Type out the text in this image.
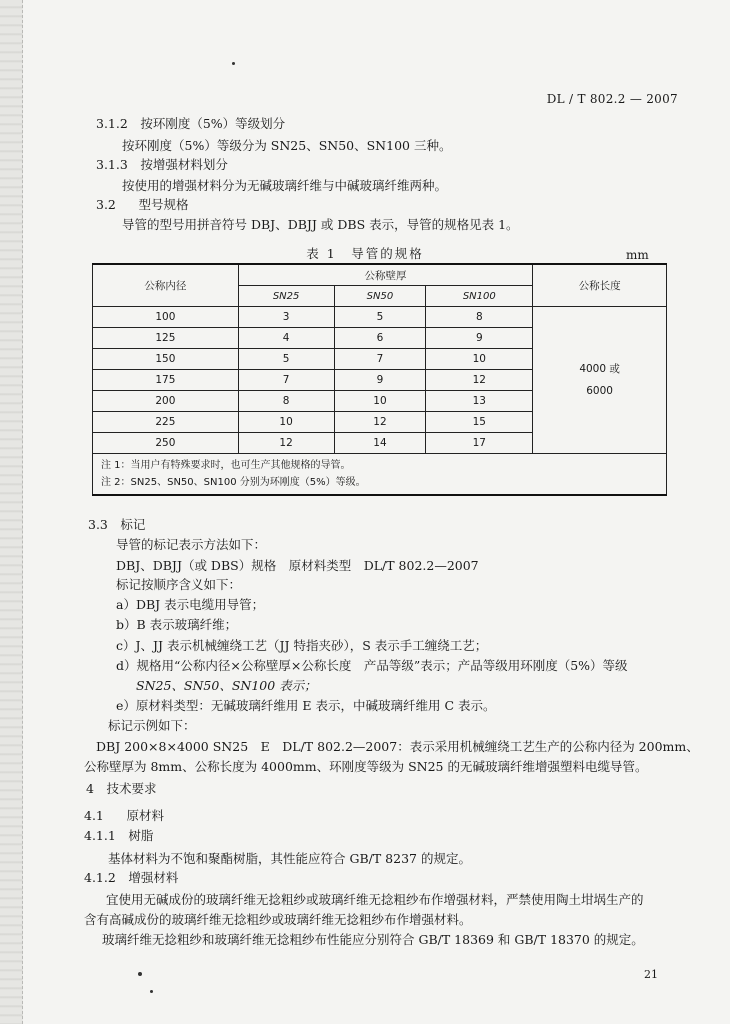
DL / T 802.2 — 2007
3.1.2　 按环刚度（5%）等级划分
按环刚度（5%）等级分为 SN25、SN50、SN100 三种。
3.1.3　 按增强材料划分
按使用的增强材料分为无碱玻璃纤维与中碱玻璃纤维两种。
3.2　 型号规格
导管的型号用拼音符号 DBJ、DBJJ 或 DBS 表示，导管的规格见表 1。
表 1　导管的规格	mm
公称内径	公称壁厚			公称长度
	SN25	SN50	SN100	
100	3	5	8	4000 或
6000
125	4	6	9	
150	5	7	10	
175	7	9	12	
200	8	10	13	
225	10	12	15	
250	12	14	17	

注 1：当用户有特殊要求时，也可生产其他规格的导管。
注 2：SN25、SN50、SN100 分别为环刚度（5%）等级。				
3.3　 标记
导管的标记表示方法如下：
DBJ、DBJJ（或 DBS）规格　原材料类型　DL/T 802.2—2007
标记按顺序含义如下：
a）DBJ 表示电缆用导管；
b）B 表示玻璃纤维；
c）J、JJ 表示机械缠绕工艺（JJ 特指夹砂），S 表示手工缠绕工艺；
d）规格用“公称内径×公称壁厚×公称长度　产品等级”表示；产品等级用环刚度（5%）等级
SN25、SN50、SN100 表示；
e）原材料类型：无碱玻璃纤维用 E 表示，中碱玻璃纤维用 C 表示。
标记示例如下：
DBJ 200×8×4000 SN25　E　DL/T 802.2—2007：表示采用机械缠绕工艺生产的公称内径为 200mm、
公称壁厚为 8mm、公称长度为 4000mm、环刚度等级为 SN25 的无碱玻璃纤维增强塑料电缆导管。
4　 技术要求
4.1　 原材料
4.1.1　 树脂
基体材料为不饱和聚酯树脂，其性能应符合 GB/T 8237 的规定。
4.1.2　 增强材料
宜使用无碱成份的玻璃纤维无捻粗纱或玻璃纤维无捻粗纱布作增强材料，严禁使用陶土坩埚生产的
含有高碱成份的玻璃纤维无捻粗纱或玻璃纤维无捻粗纱布作增强材料。
玻璃纤维无捻粗纱和玻璃纤维无捻粗纱布性能应分别符合 GB/T 18369 和 GB/T 18370 的规定。
21
